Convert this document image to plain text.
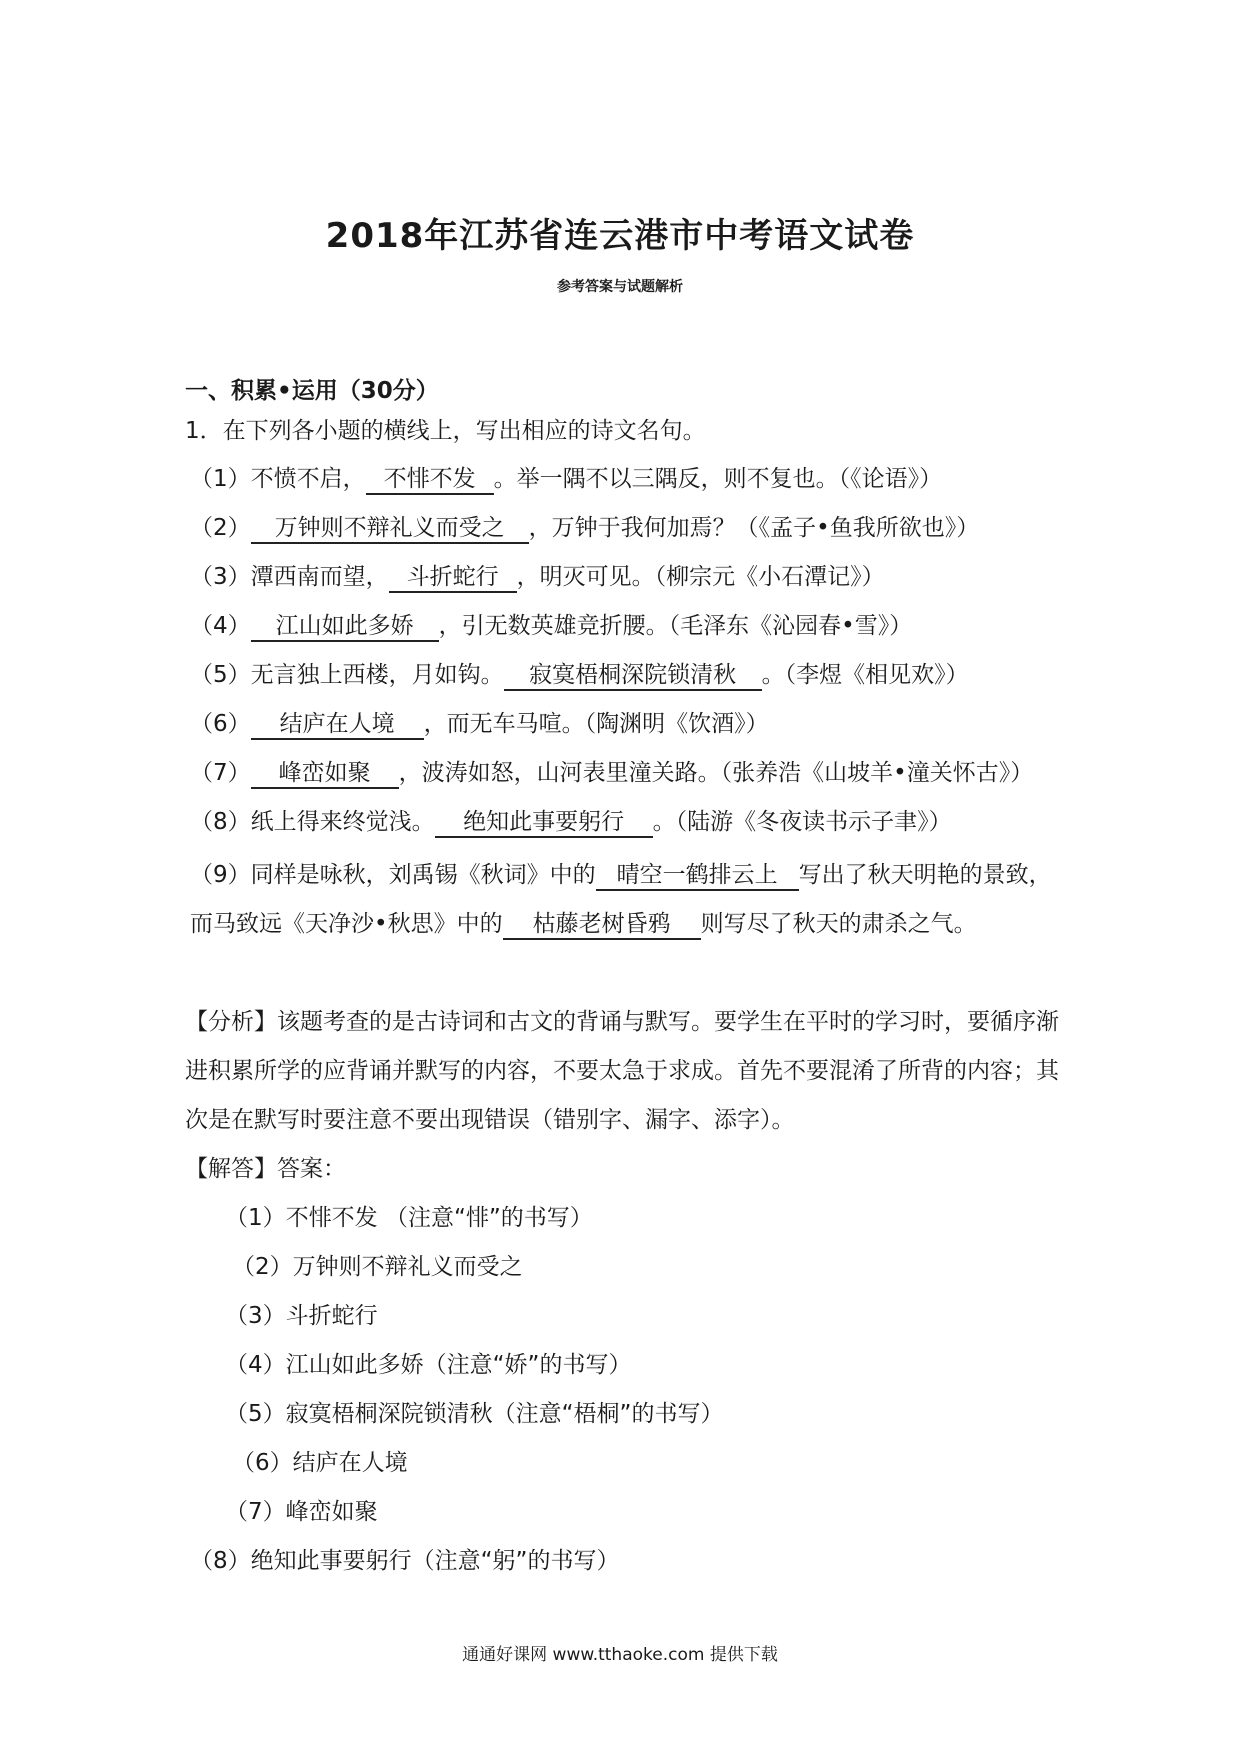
2018年江苏省连云港市中考语文试卷
参考答案与试题解析
一、积累•运用（30分）
1．在下列各小题的横线上，写出相应的诗文名句。
（1）不愤不启， 不悱不发 。举一隅不以三隅反，则不复也。（《论语》）
（2） 万钟则不辩礼义而受之 ，万钟于我何加焉？（《孟子•鱼我所欲也》）
（3）潭西南而望， 斗折蛇行 ，明灭可见。（柳宗元《小石潭记》）
（4） 江山如此多娇 ，引无数英雄竞折腰。（毛泽东《沁园春•雪》）
（5）无言独上西楼，月如钩。 寂寞梧桐深院锁清秋 。（李煜《相见欢》）
（6） 结庐在人境 ，而无车马喧。（陶渊明《饮酒》）
（7） 峰峦如聚 ，波涛如怒，山河表里潼关路。（张养浩《山坡羊•潼关怀古》）
（8）纸上得来终觉浅。 绝知此事要躬行 。（陆游《冬夜读书示子聿》）
（9）同样是咏秋，刘禹锡《秋词》中的 晴空一鹤排云上 写出了秋天明艳的景致，而马致远《天净沙•秋思》中的 枯藤老树昏鸦 则写尽了秋天的肃杀之气。
【分析】该题考查的是古诗词和古文的背诵与默写。要学生在平时的学习时，要循序渐进积累所学的应背诵并默写的内容，不要太急于求成。首先不要混淆了所背的内容；其次是在默写时要注意不要出现错误（错别字、漏字、添字）。
【解答】答案：
（1）不悱不发 （注意“悱”的书写）
（2）万钟则不辩礼义而受之
（3）斗折蛇行
（4）江山如此多娇（注意“娇”的书写）
（5）寂寞梧桐深院锁清秋（注意“梧桐”的书写）
（6）结庐在人境
（7）峰峦如聚
（8）绝知此事要躬行（注意“躬”的书写）
通通好课网 www.tthaoke.com 提供下载
